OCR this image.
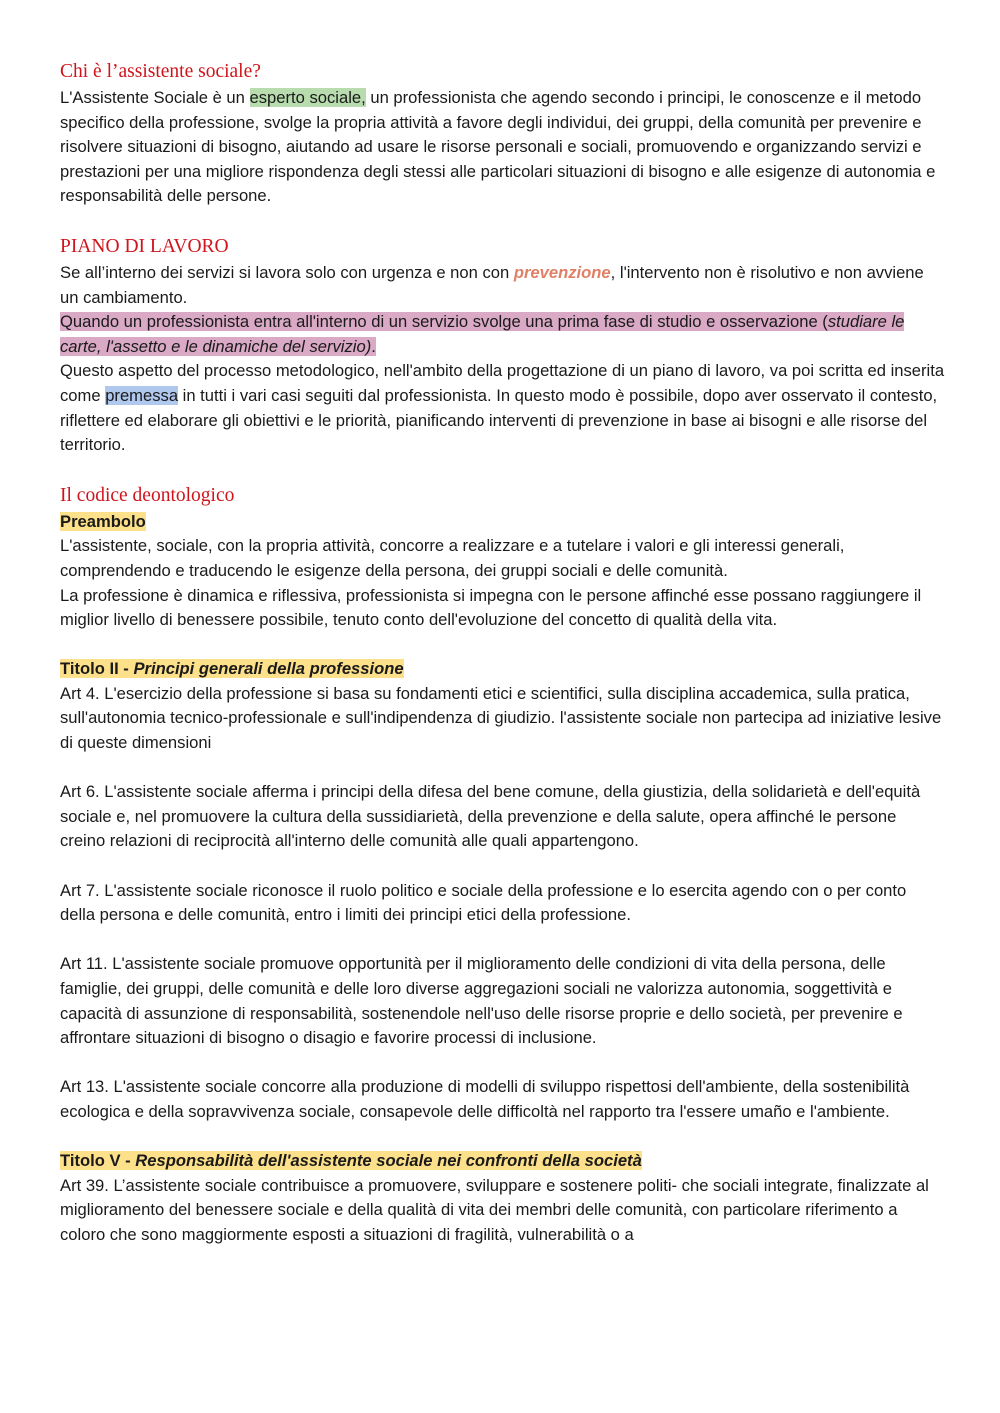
Chi è l’assistente sociale?

L'Assistente Sociale è un esperto sociale, un professionista che agendo secondo i principi, le conoscenze e il metodo specifico della professione, svolge la propria attività a favore degli individui, dei gruppi, della comunità per prevenire e risolvere situazioni di bisogno, aiutando ad usare le risorse personali e sociali, promuovendo e organizzando servizi e prestazioni per una migliore rispondenza degli stessi alle particolari situazioni di bisogno e alle esigenze di autonomia e responsabilità delle persone.

PIANO DI LAVORO

Se all’interno dei servizi si lavora solo con urgenza e non con prevenzione, l'intervento non è risolutivo e non avviene un cambiamento.

Quando un professionista entra all'interno di un servizio svolge una prima fase di studio e osservazione (studiare le carte, l'assetto e le dinamiche del servizio).

Questo aspetto del processo metodologico, nell'ambito della progettazione di un piano di lavoro, va poi scritta ed inserita come premessa in tutti i vari casi seguiti dal professionista. In questo modo è possibile, dopo aver osservato il contesto, riflettere ed elaborare gli obiettivi e le priorità, pianificando interventi di prevenzione in base ai bisogni e alle risorse del territorio.

Il codice deontologico

Preambolo

L'assistente, sociale, con la propria attività, concorre a realizzare e a tutelare i valori e gli interessi generali, comprendendo e traducendo le esigenze della persona, dei gruppi sociali e delle comunità.

La professione è dinamica e riflessiva, professionista si impegna con le persone affinché esse possano raggiungere il miglior livello di benessere possibile, tenuto conto dell'evoluzione del concetto di qualità della vita.

Titolo II - Principi generali della professione

Art 4. L'esercizio della professione si basa su fondamenti etici e scientifici, sulla disciplina accademica, sulla pratica, sull'autonomia tecnico-professionale e sull'indipendenza di giudizio. l'assistente sociale non partecipa ad iniziative lesive di queste dimensioni

Art 6. L'assistente sociale afferma i principi della difesa del bene comune, della giustizia, della solidarietà e dell'equità sociale e, nel promuovere la cultura della sussidiarietà, della prevenzione e della salute, opera affinché le persone creino relazioni di reciprocità all'interno delle comunità alle quali appartengono.

Art 7. L'assistente sociale riconosce il ruolo politico e sociale della professione e lo esercita agendo con o per conto della persona e delle comunità, entro i limiti dei principi etici della professione.

Art 11. L'assistente sociale promuove opportunità per il miglioramento delle condizioni di vita della persona, delle famiglie, dei gruppi, delle comunità e delle loro diverse aggregazioni sociali ne valorizza autonomia, soggettività e capacità di assunzione di responsabilità, sostenendole nell'uso delle risorse proprie e dello società, per prevenire e affrontare situazioni di bisogno o disagio e favorire processi di inclusione.

Art 13. L'assistente sociale concorre alla produzione di modelli di sviluppo rispettosi dell'ambiente, della sostenibilità ecologica e della sopravvivenza sociale, consapevole delle difficoltà nel rapporto tra l'essere umaño e l'ambiente.

Titolo V - Responsabilità dell'assistente sociale nei confronti della società

Art 39. L’assistente sociale contribuisce a promuovere, sviluppare e sostenere politi- che sociali integrate, finalizzate al miglioramento del benessere sociale e della qualità di vita dei membri delle comunità, con particolare riferimento a coloro che sono maggiormente esposti a situazioni di fragilità, vulnerabilità o a
